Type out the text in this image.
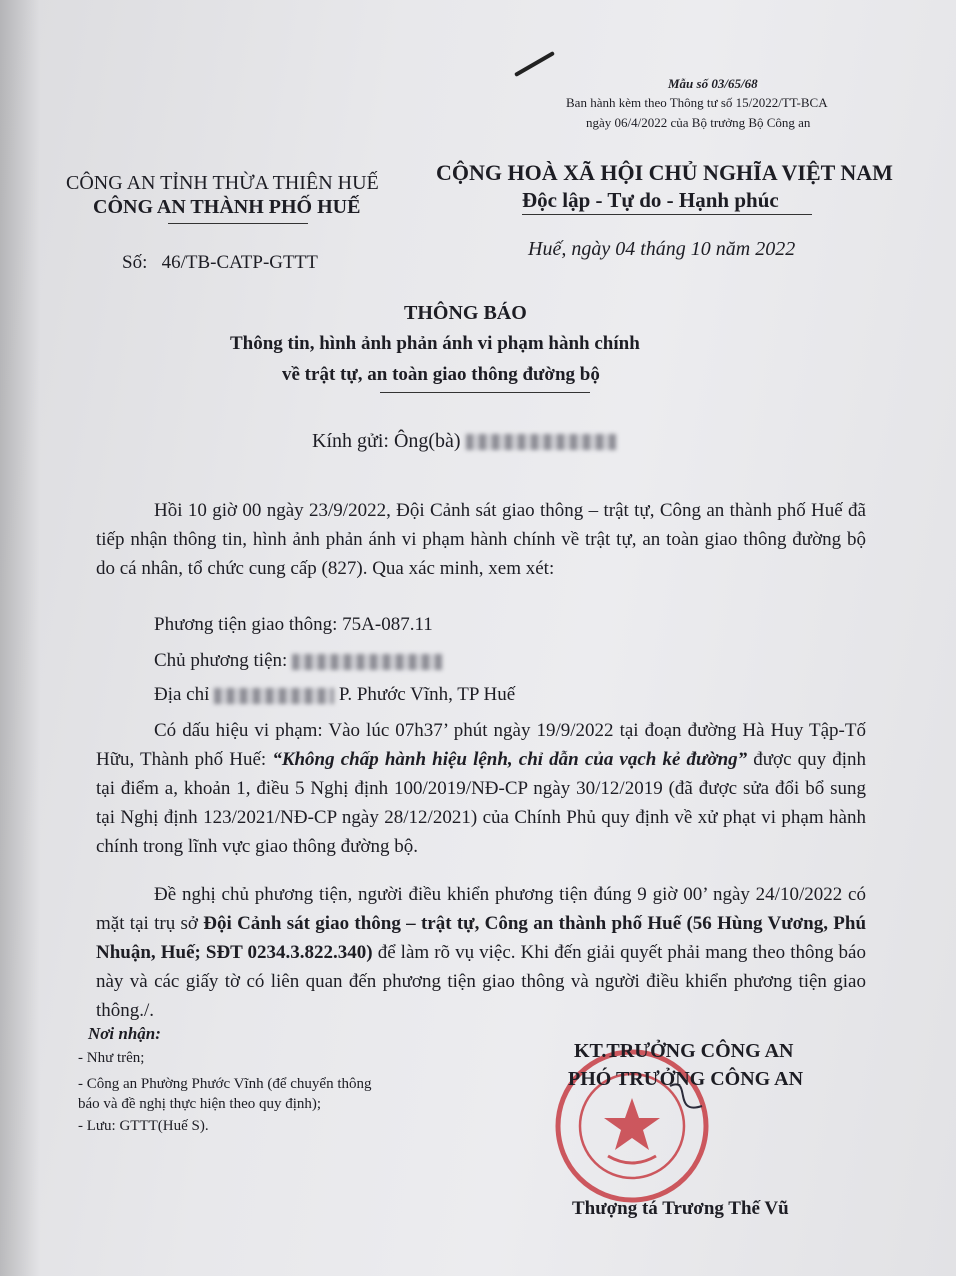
Mẫu số 03/65/68
Ban hành kèm theo Thông tư số 15/2022/TT-BCA
ngày 06/4/2022 của Bộ trưởng Bộ Công an
CÔNG AN TỈNH THỪA THIÊN HUẾ
CÔNG AN THÀNH PHỐ HUẾ
CỘNG HOÀ XÃ HỘI CHỦ NGHĨA VIỆT NAM
Độc lập - Tự do - Hạnh phúc
Số: 46/TB-CATP-GTTT
Huế, ngày 04 tháng 10 năm 2022
THÔNG BÁO
Thông tin, hình ảnh phản ánh vi phạm hành chính
về trật tự, an toàn giao thông đường bộ
Kính gửi: Ông(bà)
Hồi 10 giờ 00 ngày 23/9/2022, Đội Cảnh sát giao thông – trật tự, Công an thành phố Huế đã tiếp nhận thông tin, hình ảnh phản ánh vi phạm hành chính về trật tự, an toàn giao thông đường bộ do cá nhân, tổ chức cung cấp (827). Qua xác minh, xem xét:
Phương tiện giao thông: 75A-087.11
Chủ phương tiện:
Địa chỉ	P. Phước Vĩnh, TP Huế
Có dấu hiệu vi phạm: Vào lúc 07h37’ phút ngày 19/9/2022 tại đoạn đường Hà Huy Tập-Tố Hữu, Thành phố Huế: “Không chấp hành hiệu lệnh, chỉ dẫn của vạch kẻ đường” được quy định tại điểm a, khoản 1, điều 5 Nghị định 100/2019/NĐ-CP ngày 30/12/2019 (đã được sửa đổi bổ sung tại Nghị định 123/2021/NĐ-CP ngày 28/12/2021) của Chính Phủ quy định về xử phạt vi phạm hành chính trong lĩnh vực giao thông đường bộ.
Đề nghị chủ phương tiện, người điều khiển phương tiện đúng 9 giờ 00’ ngày 24/10/2022 có mặt tại trụ sở Đội Cảnh sát giao thông – trật tự, Công an thành phố Huế (56 Hùng Vương, Phú Nhuận, Huế; SĐT 0234.3.822.340) để làm rõ vụ việc. Khi đến giải quyết phải mang theo thông báo này và các giấy tờ có liên quan đến phương tiện giao thông và người điều khiển phương tiện giao thông./.
Nơi nhận:
- Như trên;
- Công an Phường Phước Vĩnh (để chuyển thông
báo và đề nghị thực hiện theo quy định);
- Lưu: GTTT(Huế S).
KT.TRƯỞNG CÔNG AN
PHÓ TRƯỞNG CÔNG AN
Thượng tá Trương Thế Vũ
